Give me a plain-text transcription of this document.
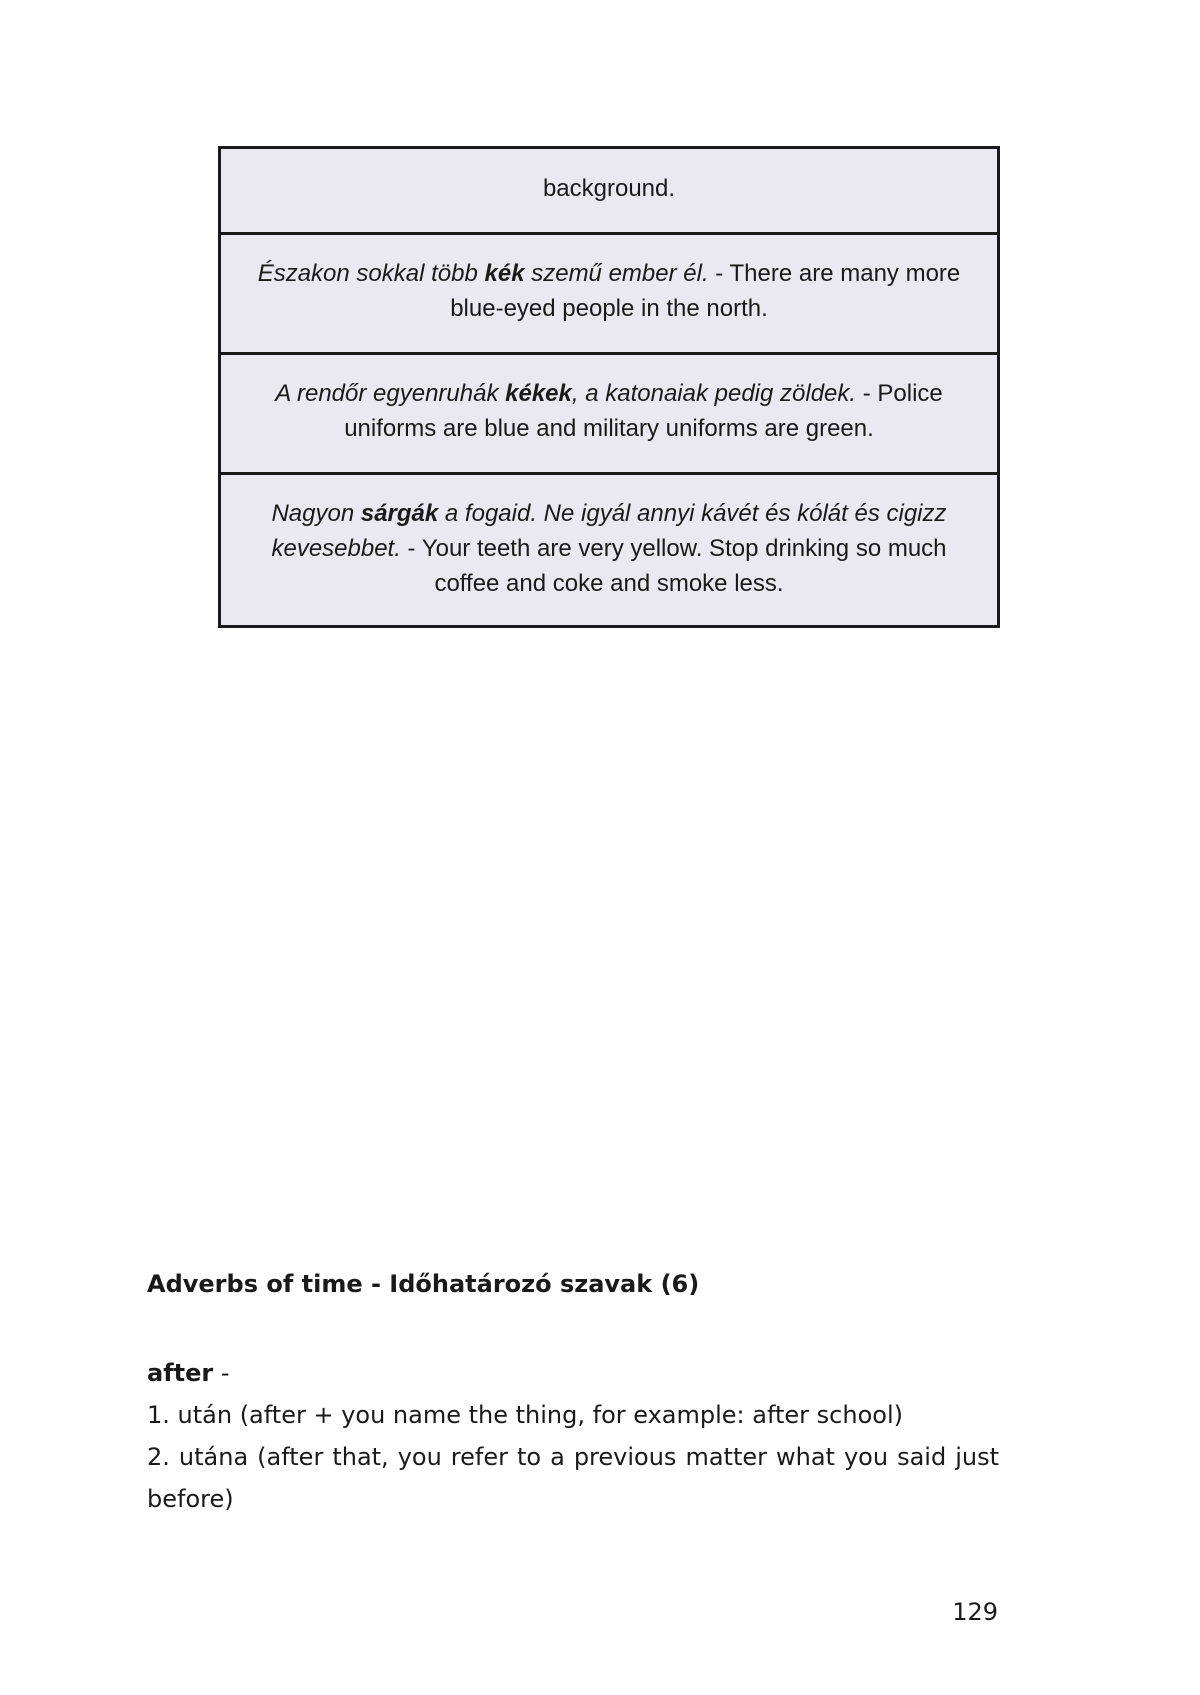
background.
Északon sokkal több kék szemű ember él. - There are many more blue-eyed people in the north.
A rendőr egyenruhák kékek, a katonaiak pedig zöldek. - Police uniforms are blue and military uniforms are green.
Nagyon sárgák a fogaid. Ne igyál annyi kávét és kólát és cigizz kevesebbet. - Your teeth are very yellow. Stop drinking so much coffee and coke and smoke less.
Adverbs of time - Időhatározó szavak (6)

after -

1. után (after + you name the thing, for example: after school)

2. utána (after that, you refer to a previous matter what you said just before)

129
